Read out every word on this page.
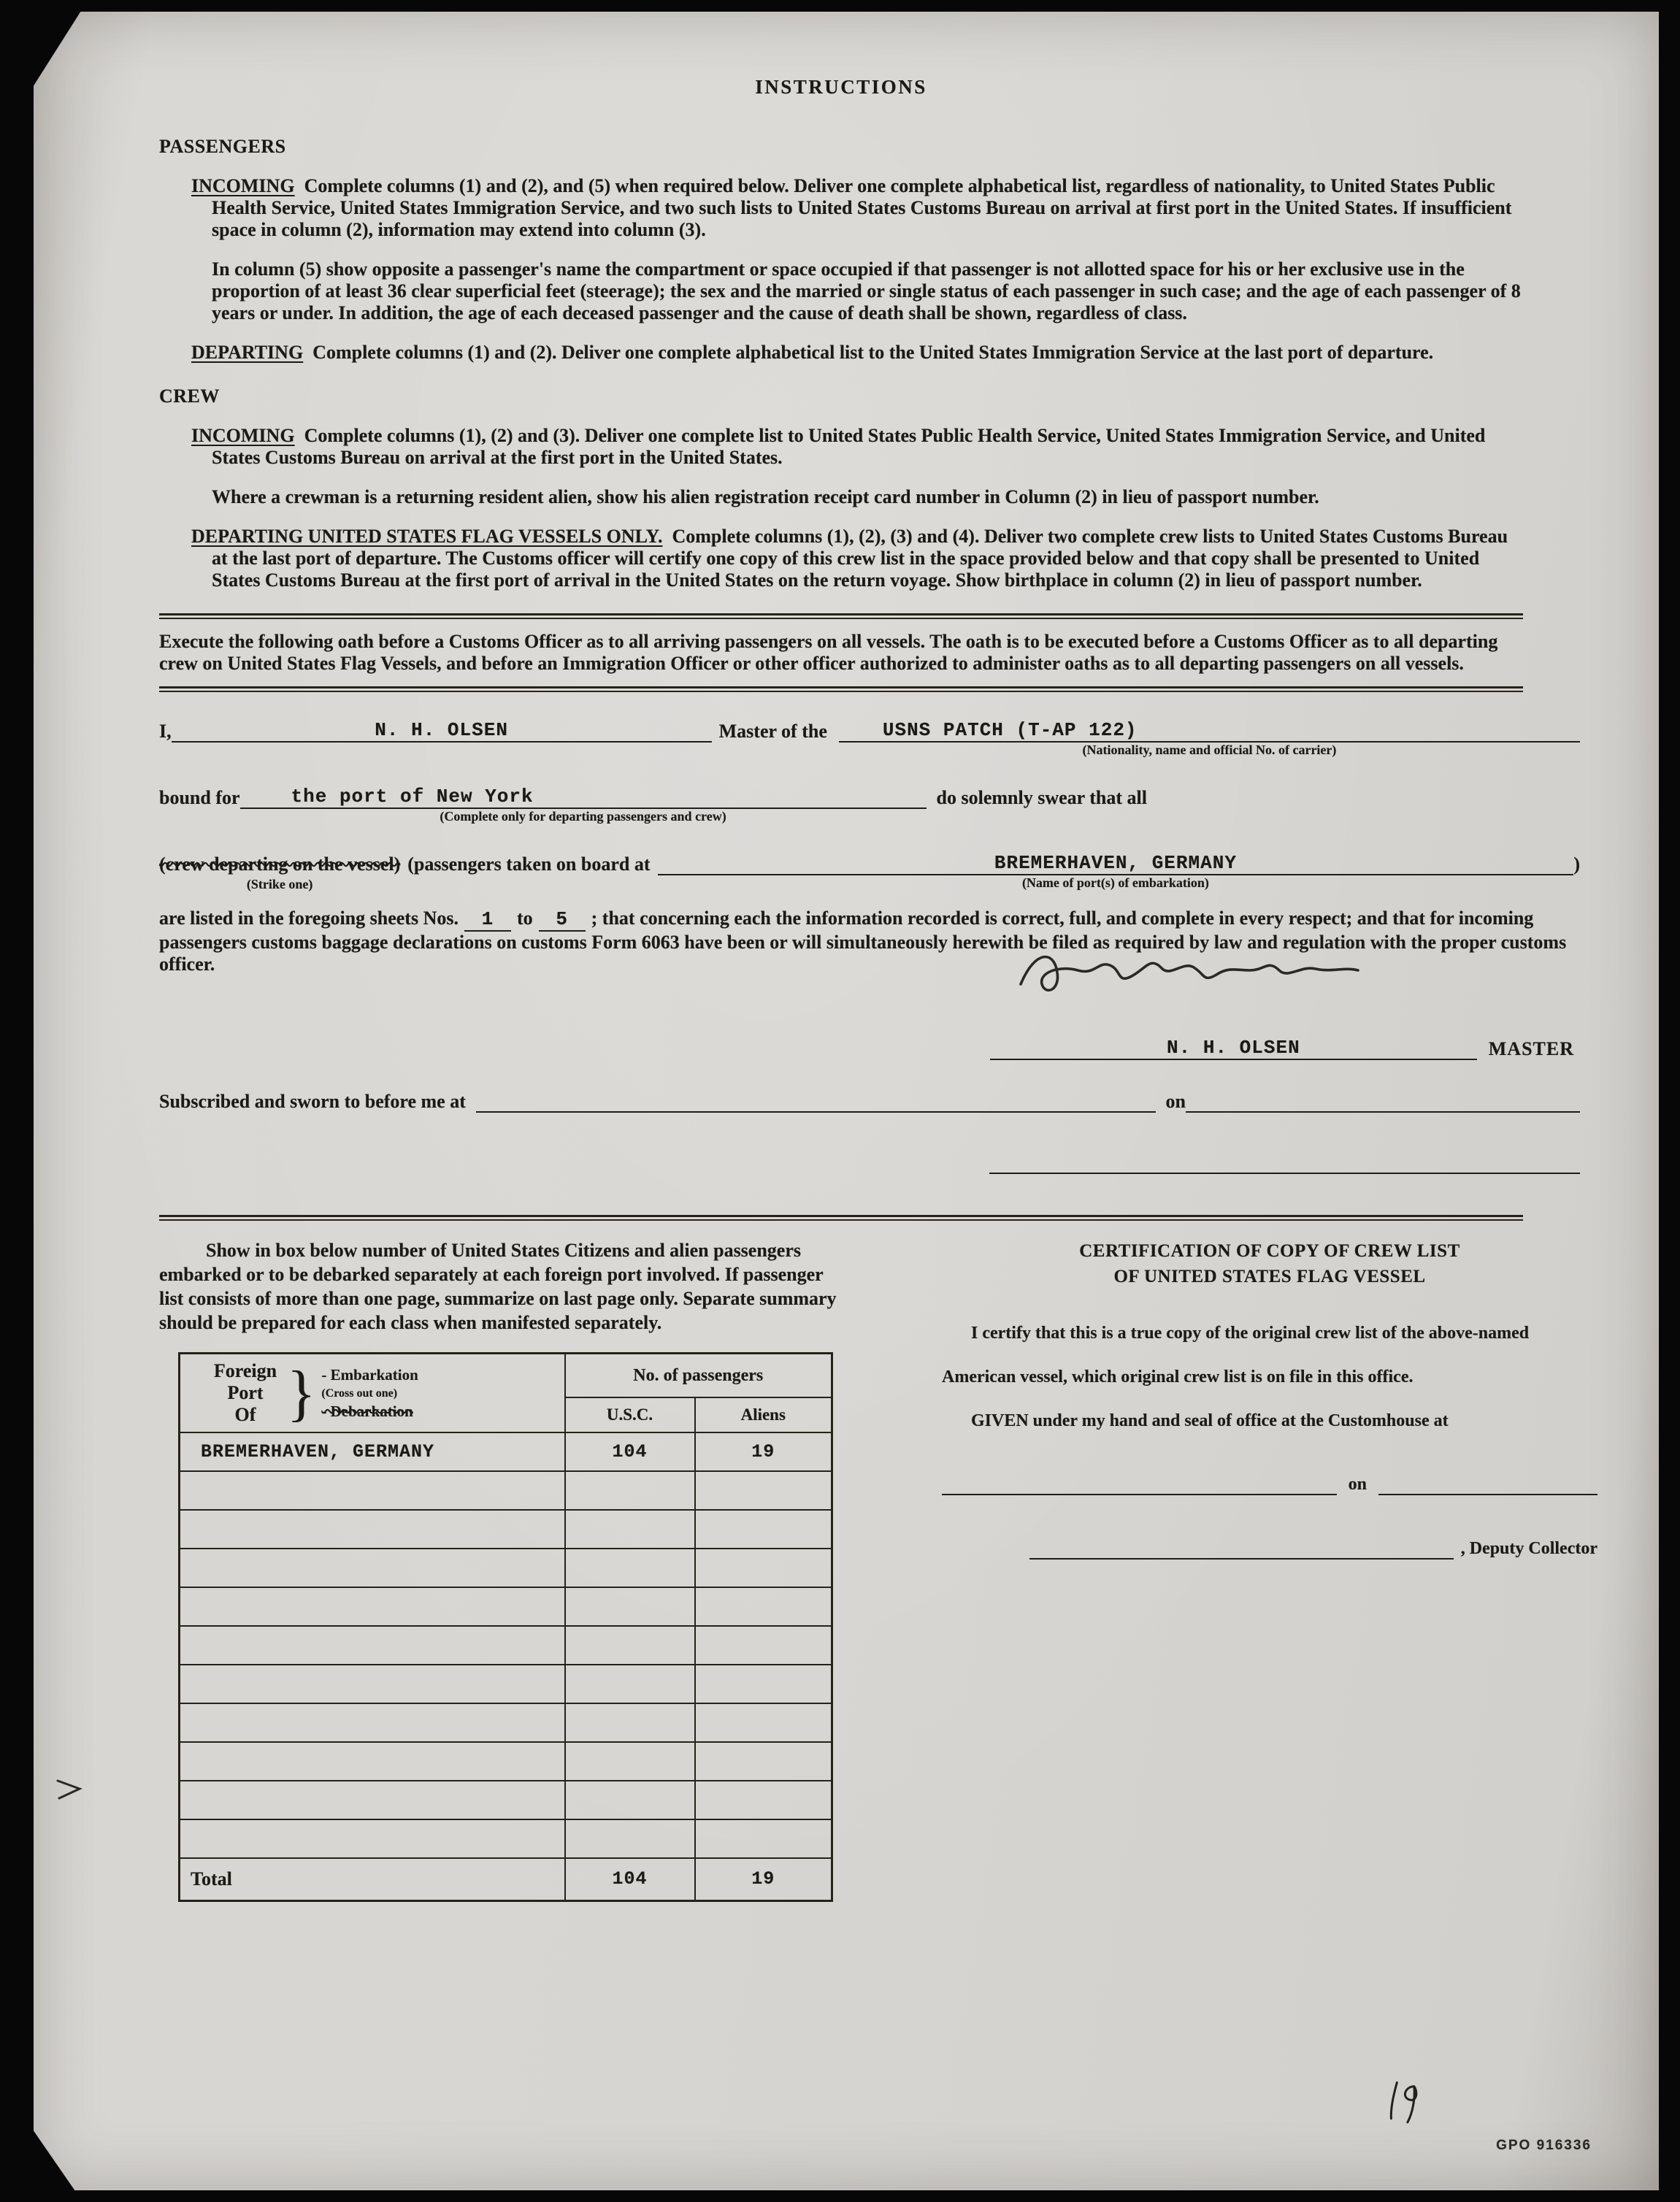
INSTRUCTIONS
PASSENGERS

INCOMING Complete columns (1) and (2), and (5) when required below. Deliver one complete alphabetical list, regardless of nationality, to United States Public Health Service, United States Immigration Service, and two such lists to United States Customs Bureau on arrival at first port in the United States. If insufficient space in column (2), information may extend into column (3).

In column (5) show opposite a passenger's name the compartment or space occupied if that passenger is not allotted space for his or her exclusive use in the proportion of at least 36 clear superficial feet (steerage); the sex and the married or single status of each passenger in such case; and the age of each passenger of 8 years or under. In addition, the age of each deceased passenger and the cause of death shall be shown, regardless of class.

DEPARTING Complete columns (1) and (2). Deliver one complete alphabetical list to the United States Immigration Service at the last port of departure.

CREW

INCOMING Complete columns (1), (2) and (3). Deliver one complete list to United States Public Health Service, United States Immigration Service, and United States Customs Bureau on arrival at the first port in the United States.

Where a crewman is a returning resident alien, show his alien registration receipt card number in Column (2) in lieu of passport number.

DEPARTING UNITED STATES FLAG VESSELS ONLY. Complete columns (1), (2), (3) and (4). Deliver two complete crew lists to United States Customs Bureau at the last port of departure. The Customs officer will certify one copy of this crew list in the space provided below and that copy shall be presented to United States Customs Bureau at the first port of arrival in the United States on the return voyage. Show birthplace in column (2) in lieu of passport number.

Execute the following oath before a Customs Officer as to all arriving passengers on all vessels. The oath is to be executed before a Customs Officer as to all departing crew on United States Flag Vessels, and before an Immigration Officer or other officer authorized to administer oaths as to all departing passengers on all vessels.

I,	N. H. OLSEN	Master of the	USNS PATCH (T-AP 122)
(Nationality, name and official No. of carrier)
bound for	the port of New York
(Complete only for departing passengers and crew)
do solemnly swear that all
(crew departing on the vessel)
(Strike one)
(passengers taken on board at	BREMERHAVEN, GERMANY
(Name of port(s) of embarkation)
)

are listed in the foregoing sheets Nos. 1 to 5 ; that concerning each the information recorded is correct, full, and complete in every respect; and that for incoming passengers customs baggage declarations on customs Form 6063 have been or will simultaneously herewith be filed as required by law and regulation with the proper customs officer.

N. H. OLSEN	MASTER
Subscribed and sworn to before me at
	on

Show in box below number of United States Citizens and alien passengers embarked or to be debarked separately at each foreign port involved. If passenger list consists of more than one page, summarize on last page only. Separate summary should be prepared for each class when manifested separately.

Foreign
Port
Of } - Embarkation
(Cross out one)
- Debarkation
	No. of passengers
	U.S.C.	Aliens
BREMERHAVEN, GERMANY	104	19

Total	104	19
CERTIFICATION OF COPY OF CREW LIST
OF UNITED STATES FLAG VESSEL

I certify that this is a true copy of the original crew list of the above-named American vessel, which original crew list is on file in this office.

GIVEN under my hand and seal of office at the Customhouse at

on

, Deputy Collector
GPO 916336
